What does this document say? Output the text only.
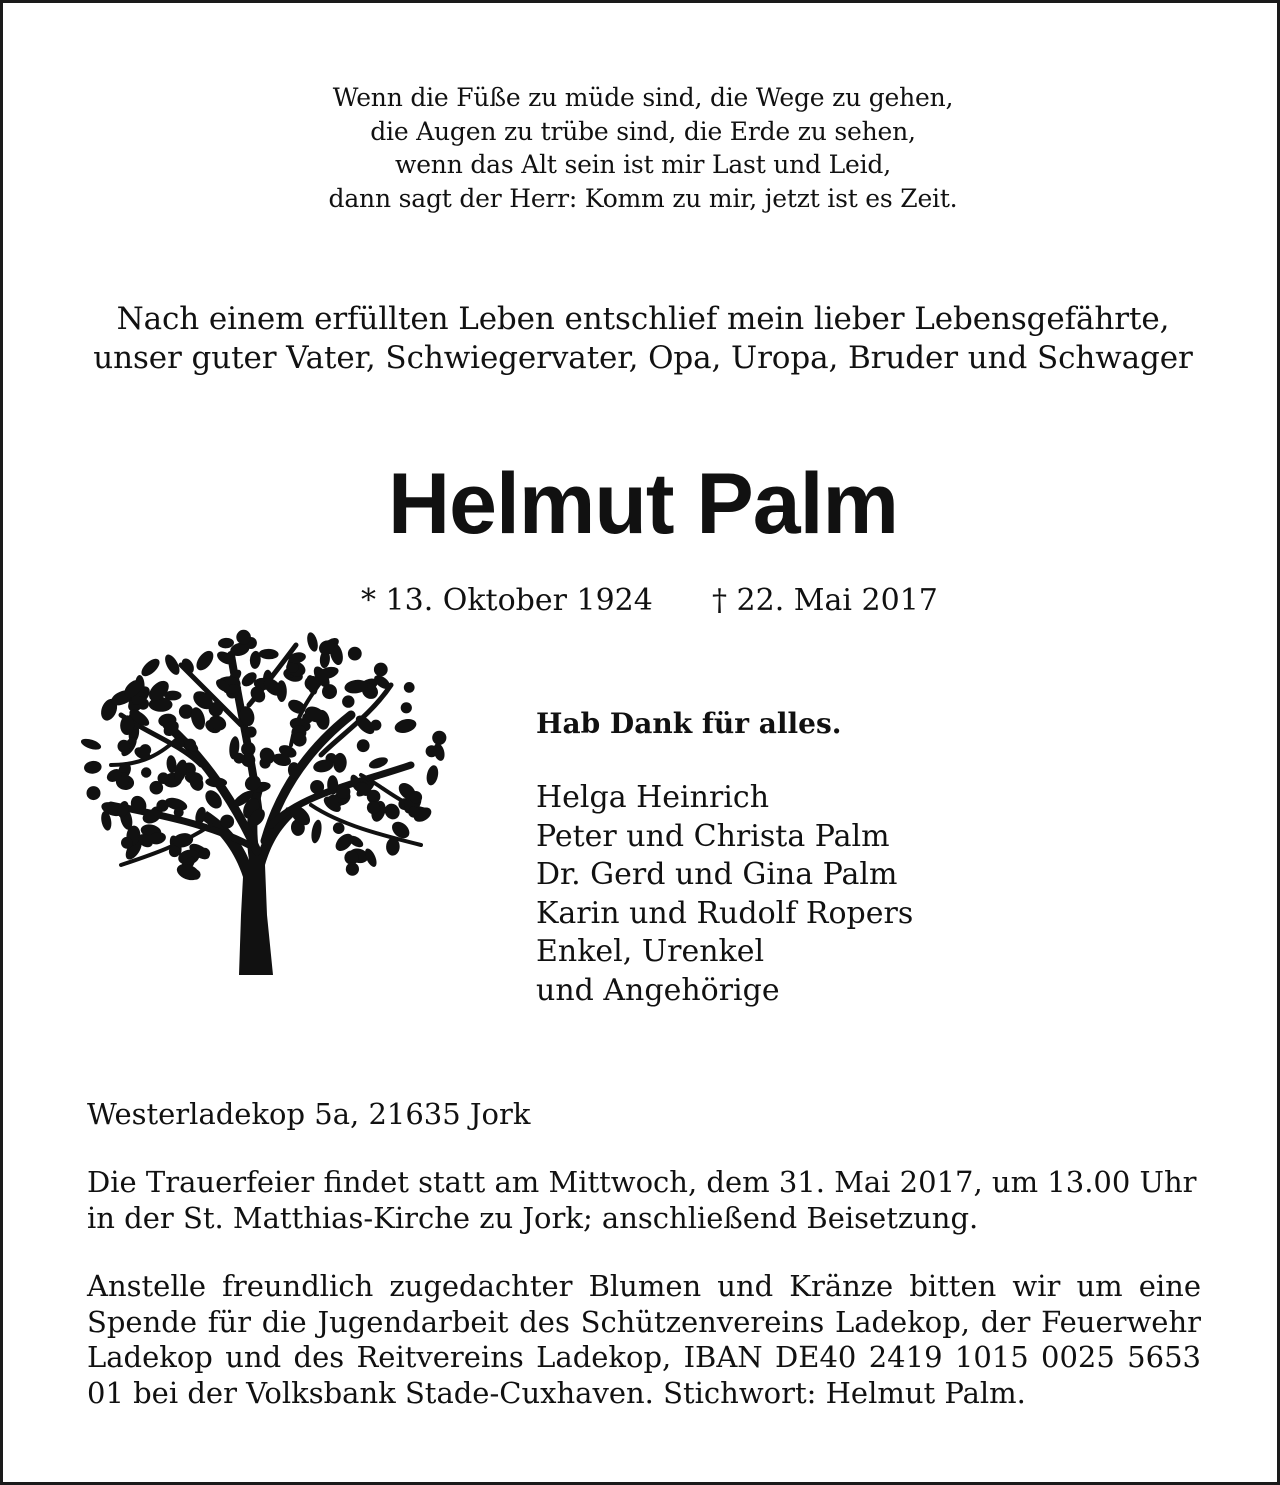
Wenn die Füße zu müde sind, die Wege zu gehen,
die Augen zu trübe sind, die Erde zu sehen,
wenn das Alt sein ist mir Last und Leid,
dann sagt der Herr: Komm zu mir, jetzt ist es Zeit.
Nach einem erfüllten Leben entschlief mein lieber Lebensgefährte,
unser guter Vater, Schwiegervater, Opa, Uropa, Bruder und Schwager
Helmut Palm
* 13. Oktober 1924 † 22. Mai 2017
Hab Dank für alles.
Helga Heinrich
Peter und Christa Palm
Dr. Gerd und Gina Palm
Karin und Rudolf Ropers
Enkel, Urenkel
und Angehörige
Westerladekop 5a, 21635 Jork
Die Trauerfeier findet statt am Mittwoch, dem 31. Mai 2017, um 13.00 Uhr in der St. Matthias-Kirche zu Jork; anschließend Beisetzung.
Anstelle freundlich zugedachter Blumen und Kränze bitten wir um eine Spende für die Jugendarbeit des Schützenvereins Ladekop, der Feuerwehr Ladekop und des Reitvereins Ladekop, IBAN DE40 2419 1015 0025 5653 01 bei der Volksbank Stade-Cuxhaven. Stichwort: Helmut Palm.
